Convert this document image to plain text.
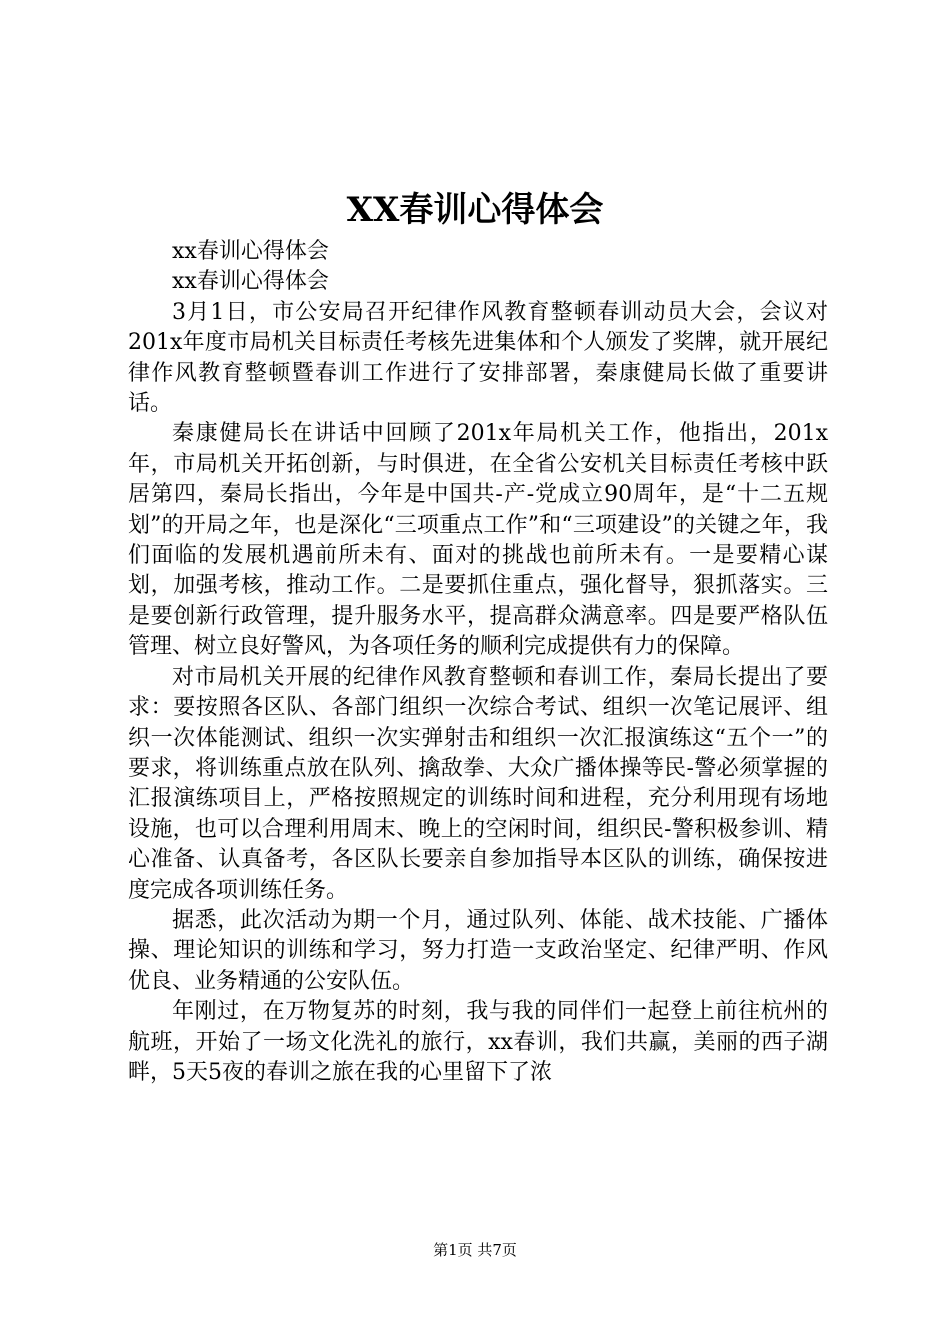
XX春训心得体会

xx春训心得体会

xx春训心得体会

3月1日，市公安局召开纪律作风教育整顿春训动员大会，会议对201x年度市局机关目标责任考核先进集体和个人颁发了奖牌，就开展纪律作风教育整顿暨春训工作进行了安排部署，秦康健局长做了重要讲话。

秦康健局长在讲话中回顾了201x年局机关工作，他指出，201x年，市局机关开拓创新，与时俱进，在全省公安机关目标责任考核中跃居第四，秦局长指出，今年是中国共-产-党成立90周年，是“十二五规划”的开局之年，也是深化“三项重点工作”和“三项建设”的关键之年，我们面临的发展机遇前所未有、面对的挑战也前所未有。一是要精心谋划，加强考核，推动工作。二是要抓住重点，强化督导，狠抓落实。三是要创新行政管理，提升服务水平，提高群众满意率。四是要严格队伍管理、树立良好警风，为各项任务的顺利完成提供有力的保障。

对市局机关开展的纪律作风教育整顿和春训工作，秦局长提出了要求：要按照各区队、各部门组织一次综合考试、组织一次笔记展评、组织一次体能测试、组织一次实弹射击和组织一次汇报演练这“五个一”的要求，将训练重点放在队列、擒敌拳、大众广播体操等民-警必须掌握的汇报演练项目上，严格按照规定的训练时间和进程，充分利用现有场地设施，也可以合理利用周末、晚上的空闲时间，组织民-警积极参训、精心准备、认真备考，各区队长要亲自参加指导本区队的训练，确保按进度完成各项训练任务。

据悉，此次活动为期一个月，通过队列、体能、战术技能、广播体操、理论知识的训练和学习，努力打造一支政治坚定、纪律严明、作风优良、业务精通的公安队伍。

年刚过，在万物复苏的时刻，我与我的同伴们一起登上前往杭州的航班，开始了一场文化洗礼的旅行，xx春训，我们共赢，美丽的西子湖畔，5天5夜的春训之旅在我的心里留下了浓

第1页 共7页
